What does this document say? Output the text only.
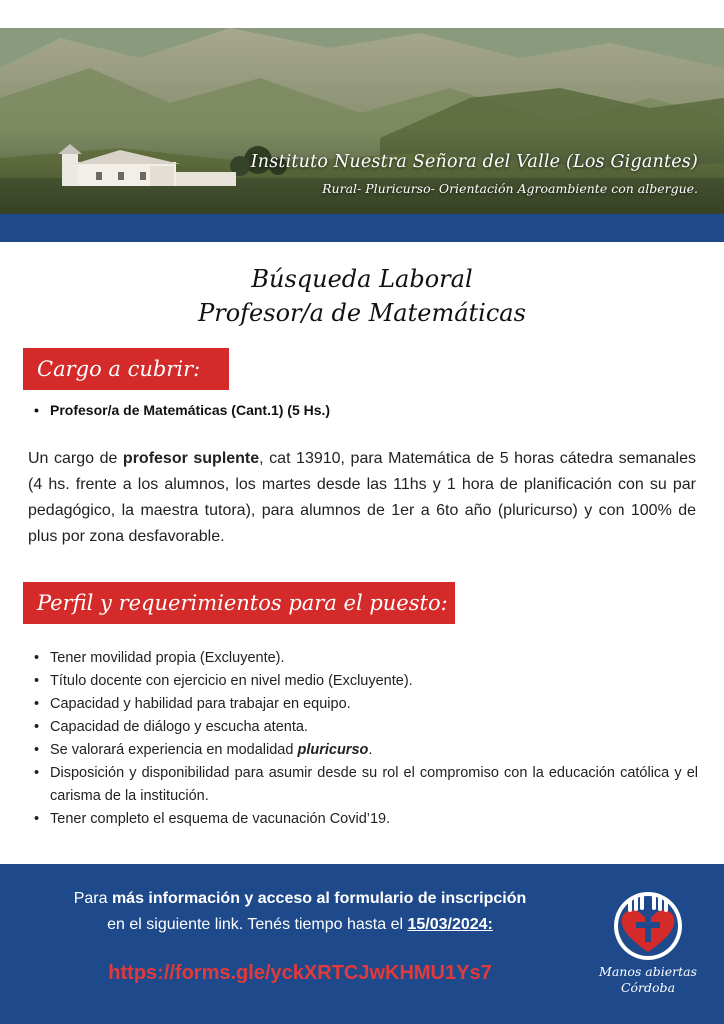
Instituto Nuestra Señora del Valle (Los Gigantes)
Rural- Pluricurso- Orientación Agroambiente con albergue.
Búsqueda Laboral
Profesor/a de Matemáticas
Cargo a cubrir:
• Profesor/a de Matemáticas (Cant.1) (5 Hs.)
Un cargo de profesor suplente, cat 13910, para Matemática de 5 horas cátedra semanales (4 hs. frente a los alumnos, los martes desde las 11hs y 1 hora de planificación con su par pedagógico, la maestra tutora), para alumnos de 1er a 6to año (pluricurso) y con 100% de plus por zona desfavorable.
Perfil y requerimientos para el puesto:
• Tener movilidad propia (Excluyente).
• Título docente con ejercicio en nivel medio (Excluyente).
• Capacidad y habilidad para trabajar en equipo.
• Capacidad de diálogo y escucha atenta.
• Se valorará experiencia en modalidad pluricurso.
• Disposición y disponibilidad para asumir desde su rol el compromiso con la educación católica y el carisma de la institución.
• Tener completo el esquema de vacunación Covid’19.
Para más información y acceso al formulario de inscripción
en el siguiente link. Tenés tiempo hasta el 15/03/2024:
https://forms.gle/yckXRTCJwKHMU1Ys7	Manos abiertas
Córdoba
